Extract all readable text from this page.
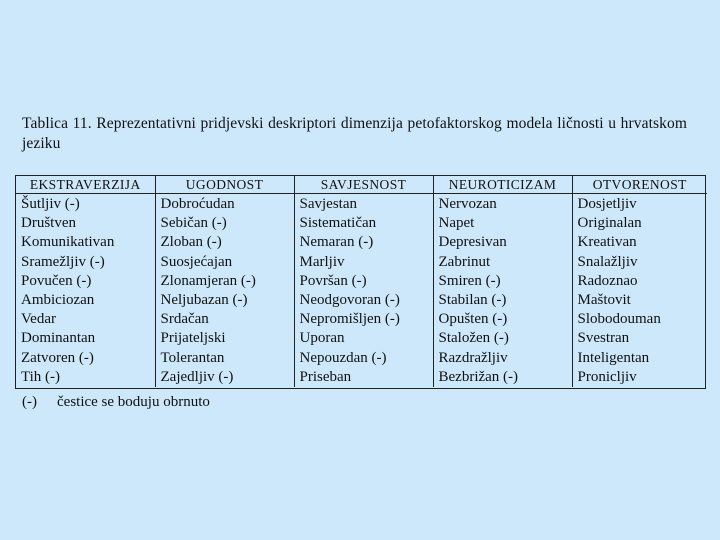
Tablica 11. Reprezentativni pridjevski deskriptori dimenzija petofaktorskog modela ličnosti u hrvatskom jeziku
EKSTRAVERZIJA	UGODNOST	SAVJESNOST	NEUROTICIZAM	OTVORENOST
Šutljiv (-)	Dobroćudan	Savjestan	Nervozan	Dosjetljiv
Društven	Sebičan (-)	Sistematičan	Napet	Originalan
Komunikativan	Zloban (-)	Nemaran (-)	Depresivan	Kreativan
Sramežljiv (-)	Suosjećajan	Marljiv	Zabrinut	Snalažljiv
Povučen (-)	Zlonamjeran (-)	Površan (-)	Smiren (-)	Radoznao
Ambiciozan	Neljubazan (-)	Neodgovoran (-)	Stabilan (-)	Maštovit
Vedar	Srdačan	Nepromišljen (-)	Opušten (-)	Slobodouman
Dominantan	Prijateljski	Uporan	Staložen (-)	Svestran
Zatvoren (-)	Tolerantan	Nepouzdan (-)	Razdražljiv	Inteligentan
Tih (-)	Zajedljiv (-)	Priseban	Bezbrižan (-)	Pronicljiv
(-) čestice se boduju obrnuto
